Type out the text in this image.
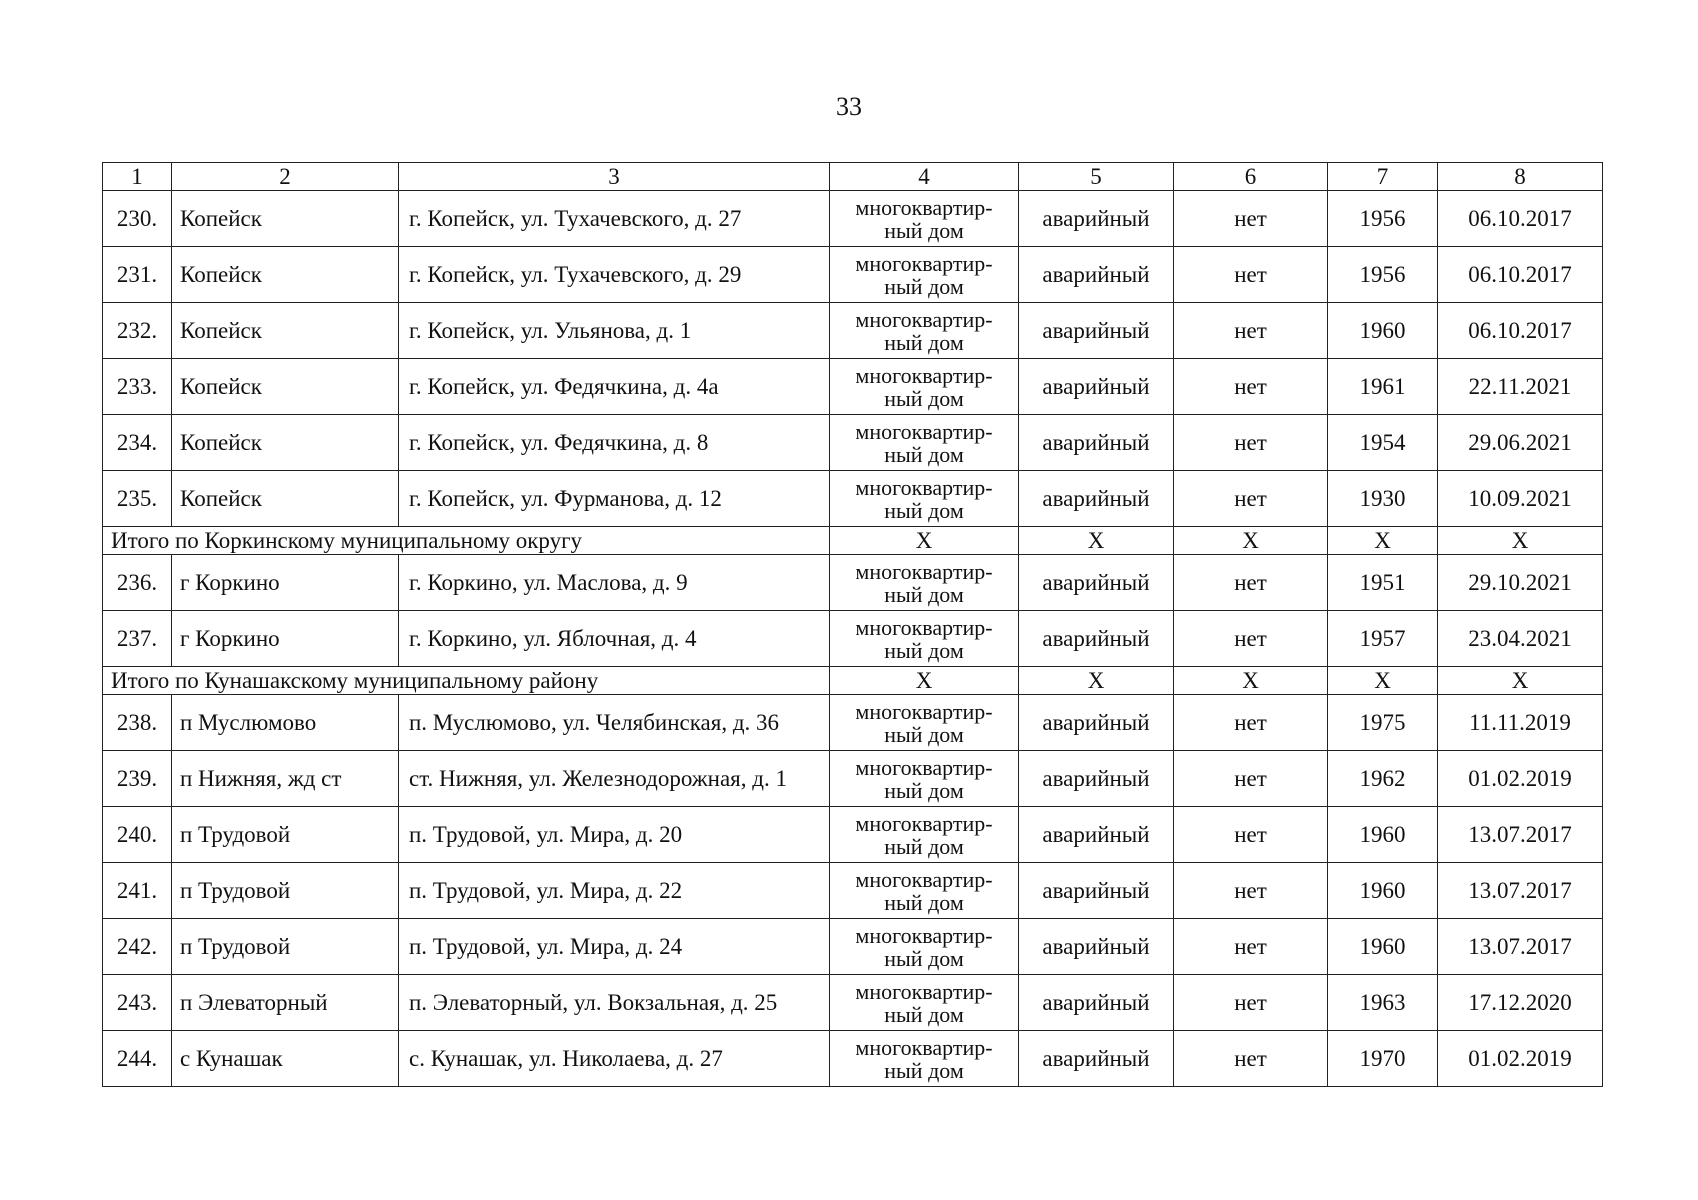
33
1	2	3	4	5	6	7	8
230.	Копейск	г. Копейск, ул. Тухачевского, д. 27	многоквартир-
ный дом	аварийный	нет	1956	06.10.2017
231.	Копейск	г. Копейск, ул. Тухачевского, д. 29	многоквартир-
ный дом	аварийный	нет	1956	06.10.2017
232.	Копейск	г. Копейск, ул. Ульянова, д. 1	многоквартир-
ный дом	аварийный	нет	1960	06.10.2017
233.	Копейск	г. Копейск, ул. Федячкина, д. 4а	многоквартир-
ный дом	аварийный	нет	1961	22.11.2021
234.	Копейск	г. Копейск, ул. Федячкина, д. 8	многоквартир-
ный дом	аварийный	нет	1954	29.06.2021
235.	Копейск	г. Копейск, ул. Фурманова, д. 12	многоквартир-
ный дом	аварийный	нет	1930	10.09.2021
Итого по Коркинскому муниципальному округу			X	X	X	X	X
236.	г Коркино	г. Коркино, ул. Маслова, д. 9	многоквартир-
ный дом	аварийный	нет	1951	29.10.2021
237.	г Коркино	г. Коркино, ул. Яблочная, д. 4	многоквартир-
ный дом	аварийный	нет	1957	23.04.2021
Итого по Кунашакскому муниципальному району			X	X	X	X	X
238.	п Муслюмово	п. Муслюмово, ул. Челябинская, д. 36	многоквартир-
ный дом	аварийный	нет	1975	11.11.2019
239.	п Нижняя, жд ст	ст. Нижняя, ул. Железнодорожная, д. 1	многоквартир-
ный дом	аварийный	нет	1962	01.02.2019
240.	п Трудовой	п. Трудовой, ул. Мира, д. 20	многоквартир-
ный дом	аварийный	нет	1960	13.07.2017
241.	п Трудовой	п. Трудовой, ул. Мира, д. 22	многоквартир-
ный дом	аварийный	нет	1960	13.07.2017
242.	п Трудовой	п. Трудовой, ул. Мира, д. 24	многоквартир-
ный дом	аварийный	нет	1960	13.07.2017
243.	п Элеваторный	п. Элеваторный, ул. Вокзальная, д. 25	многоквартир-
ный дом	аварийный	нет	1963	17.12.2020
244.	с Кунашак	с. Кунашак, ул. Николаева, д. 27	многоквартир-
ный дом	аварийный	нет	1970	01.02.2019
